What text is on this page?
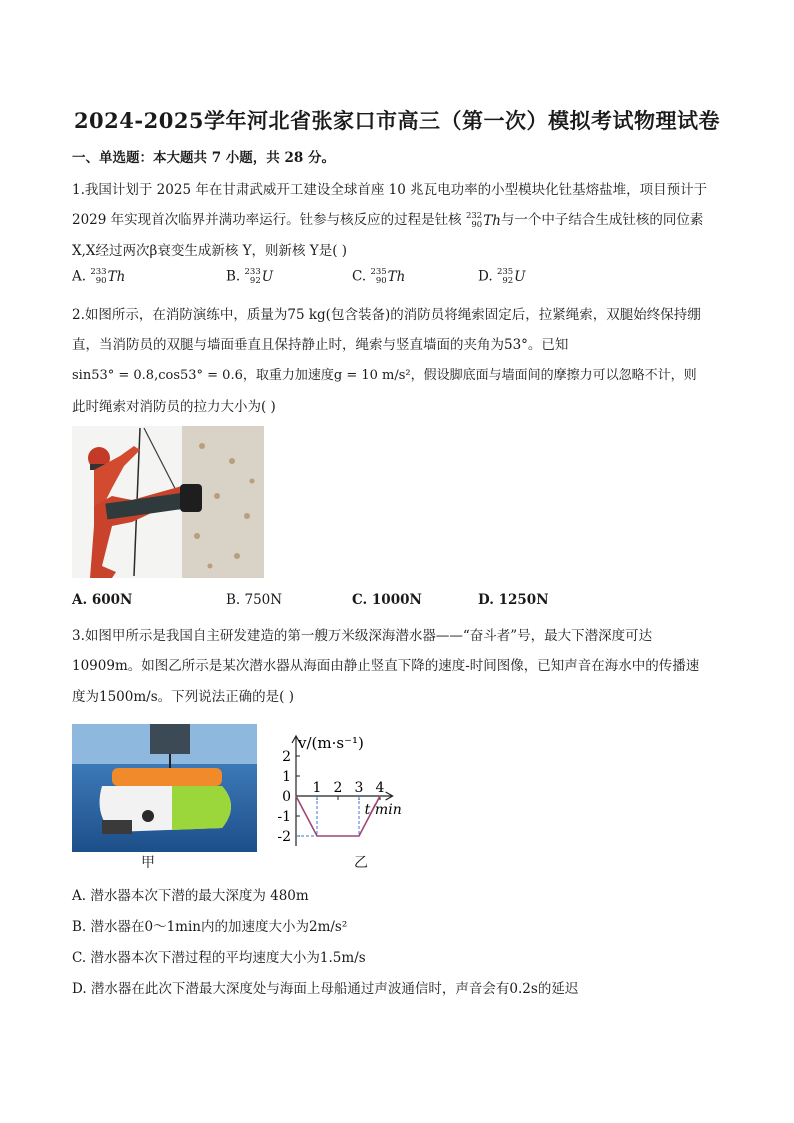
2024-2025学年河北省张家口市高三（第一次）模拟考试物理试卷
一、单选题：本大题共 7 小题，共 28 分。
1.我国计划于 2025 年在甘肃武威开工建设全球首座 10 兆瓦电功率的小型模块化钍基熔盐堆，项目预计于
2029 年实现首次临界并满功率运行。钍参与核反应的过程是钍核 232
90 Th 与一个中子结合生成钍核的同位素
X,X经过两次β衰变生成新核 Y，则新核 Y是( )
A. 233
90 Th	B. 233
92 U	C. 235
90 Th	D. 235
92 U
2.如图所示，在消防演练中，质量为75 kg(包含装备)的消防员将绳索固定后，拉紧绳索，双腿始终保持绷
直，当消防员的双腿与墙面垂直且保持静止时，绳索与竖直墙面的夹角为53°。已知
sin53° = 0.8,cos53° = 0.6，取重力加速度g = 10 m/s²，假设脚底面与墙面间的摩擦力可以忽略不计，则
此时绳索对消防员的拉力大小为( )
A. 600N	B. 750N	C. 1000N	D. 1250N
3.如图甲所示是我国自主研发建造的第一艘万米级深海潜水器——“奋斗者”号，最大下潜深度可达
10909m。如图乙所示是某次潜水器从海面由静止竖直下降的速度-时间图像，已知声音在海水中的传播速
度为1500m/s。下列说法正确的是( )
甲
v/(m·s⁻¹)
t/min
2
1
0
-1
-2
1 2 3 4
乙
A. 潜水器本次下潜的最大深度为 480m
B. 潜水器在0～1min内的加速度大小为2m/s²
C. 潜水器本次下潜过程的平均速度大小为1.5m/s
D. 潜水器在此次下潜最大深度处与海面上母船通过声波通信时，声音会有0.2s的延迟
